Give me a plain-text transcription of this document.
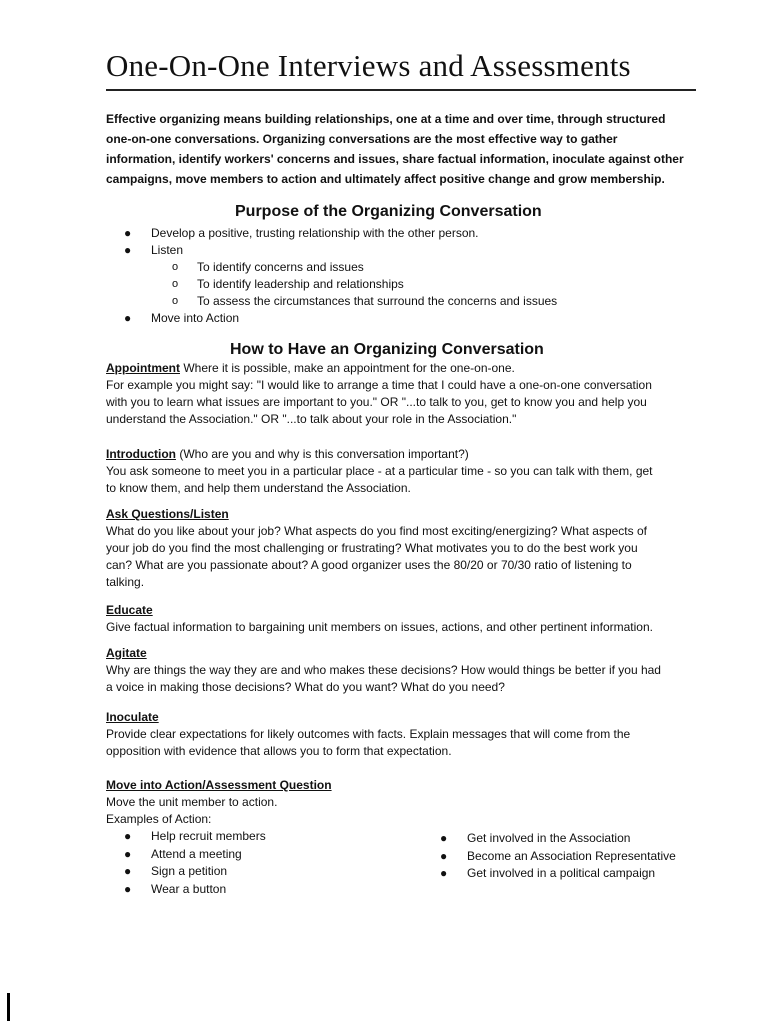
One-On-One Interviews and Assessments
Effective organizing means building relationships, one at a time and over time, through structured
one-on-one conversations. Organizing conversations are the most effective way to gather
information, identify workers' concerns and issues, share factual information, inoculate against other
campaigns, move members to action and ultimately affect positive change and grow membership.
Purpose of the Organizing Conversation
● Develop a positive, trusting relationship with the other person.
● Listen
o To identify concerns and issues
o To identify leadership and relationships
o To assess the circumstances that surround the concerns and issues
● Move into Action
How to Have an Organizing Conversation
Appointment Where it is possible, make an appointment for the one-on-one.
For example you might say: "I would like to arrange a time that I could have a one-on-one conversation
with you to learn what issues are important to you." OR "...to talk to you, get to know you and help you
understand the Association." OR "...to talk about your role in the Association."
Introduction (Who are you and why is this conversation important?)
You ask someone to meet you in a particular place - at a particular time - so you can talk with them, get
to know them, and help them understand the Association.
Ask Questions/Listen
What do you like about your job? What aspects do you find most exciting/energizing? What aspects of
your job do you find the most challenging or frustrating? What motivates you to do the best work you
can? What are you passionate about? A good organizer uses the 80/20 or 70/30 ratio of listening to
talking.
Educate
Give factual information to bargaining unit members on issues, actions, and other pertinent information.
Agitate
Why are things the way they are and who makes these decisions? How would things be better if you had
a voice in making those decisions? What do you want? What do you need?
Inoculate
Provide clear expectations for likely outcomes with facts. Explain messages that will come from the
opposition with evidence that allows you to form that expectation.
Move into Action/Assessment Question
Move the unit member to action.
Examples of Action:
● Help recruit members
● Attend a meeting
● Sign a petition
● Wear a button
● Get involved in the Association
● Become an Association Representative
● Get involved in a political campaign
